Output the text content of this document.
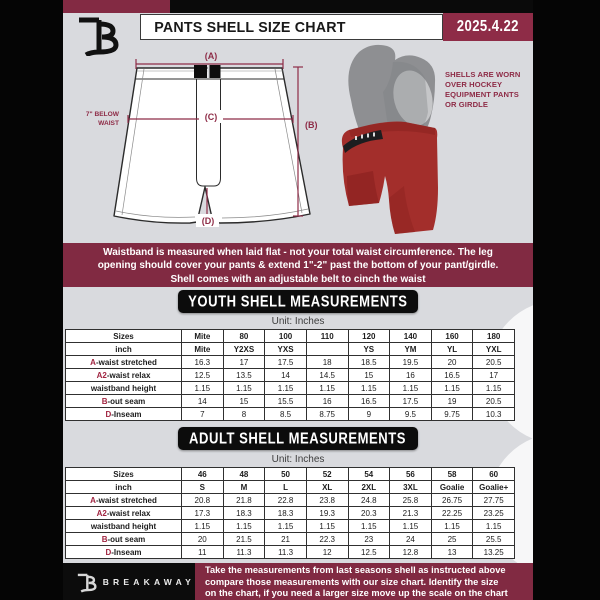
PANTS SHELL SIZE CHART	2025.4.22
(A)
(C)
(B)
(D)
7" BELOW
WAIST
SHELLS ARE WORN
OVER HOCKEY
EQUIPMENT PANTS
OR GIRDLE
Waistband is measured when laid flat - not your total waist circumference. The leg
opening should cover your pants & extend 1"-2" past the bottom of your pant/girdle.
Shell comes with an adjustable belt to cinch the waist
YOUTH SHELL MEASUREMENTS
Unit: Inches
Sizes	Mite	80	100	110	120	140	160	180
inch	Mite	Y2XS	YXS		YS	YM	YL	YXL
A-waist stretched	16.3	17	17.5	18	18.5	19.5	20	20.5
A2-waist relax	12.5	13.5	14	14.5	15	16	16.5	17
waistband height	1.15	1.15	1.15	1.15	1.15	1.15	1.15	1.15
B-out seam	14	15	15.5	16	16.5	17.5	19	20.5
D-Inseam	7	8	8.5	8.75	9	9.5	9.75	10.3
ADULT SHELL MEASUREMENTS
Unit: Inches
Sizes	46	48	50	52	54	56	58	60
inch	S	M	L	XL	2XL	3XL	Goalie	Goalie+
A-waist stretched	20.8	21.8	22.8	23.8	24.8	25.8	26.75	27.75
A2-waist relax	17.3	18.3	18.3	19.3	20.3	21.3	22.25	23.25
waistband height	1.15	1.15	1.15	1.15	1.15	1.15	1.15	1.15
B-out seam	20	21.5	21	22.3	23	24	25	25.5
D-Inseam	11	11.3	11.3	12	12.5	12.8	13	13.25
BREAKAWAY
Take the measurements from last seasons shell as instructed above
compare those measurements with our size chart. Identify the size
on the chart, if you need a larger size move up the scale on the chart
